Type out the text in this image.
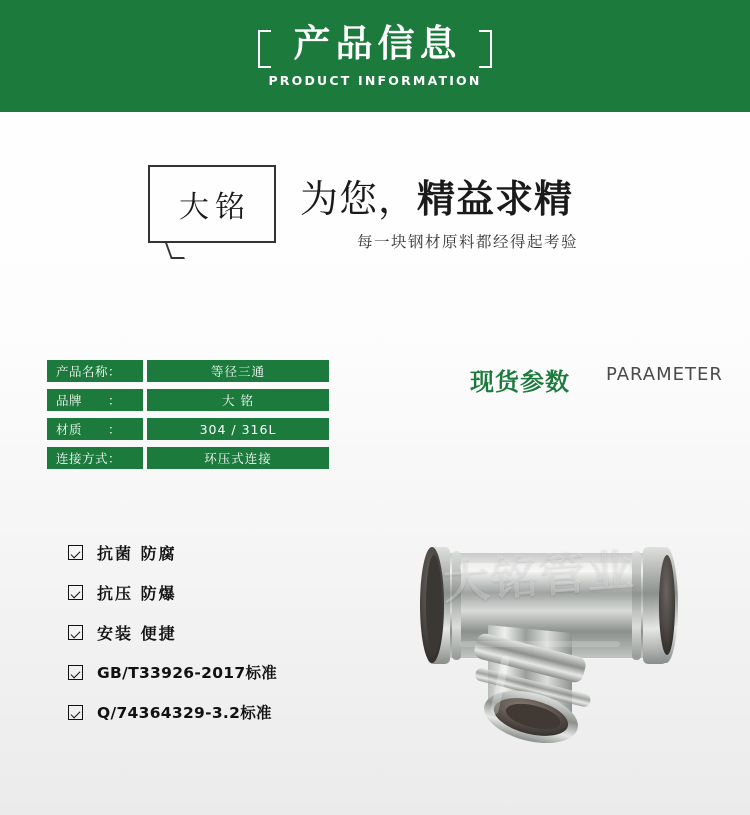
产品信息
PRODUCT INFORMATION
大铭 为您，精益求精
每一块钢材原料都经得起考验
现货参数 PARAMETER
产品名称：	等径三通
品牌　　：	大 铭
材质　　：	304 / 316L
连接方式：	环压式连接
抗菌 防腐
抗压 防爆
安装 便捷
GB/T33926-2017标准
Q/74364329-3.2标准
大铭管业
